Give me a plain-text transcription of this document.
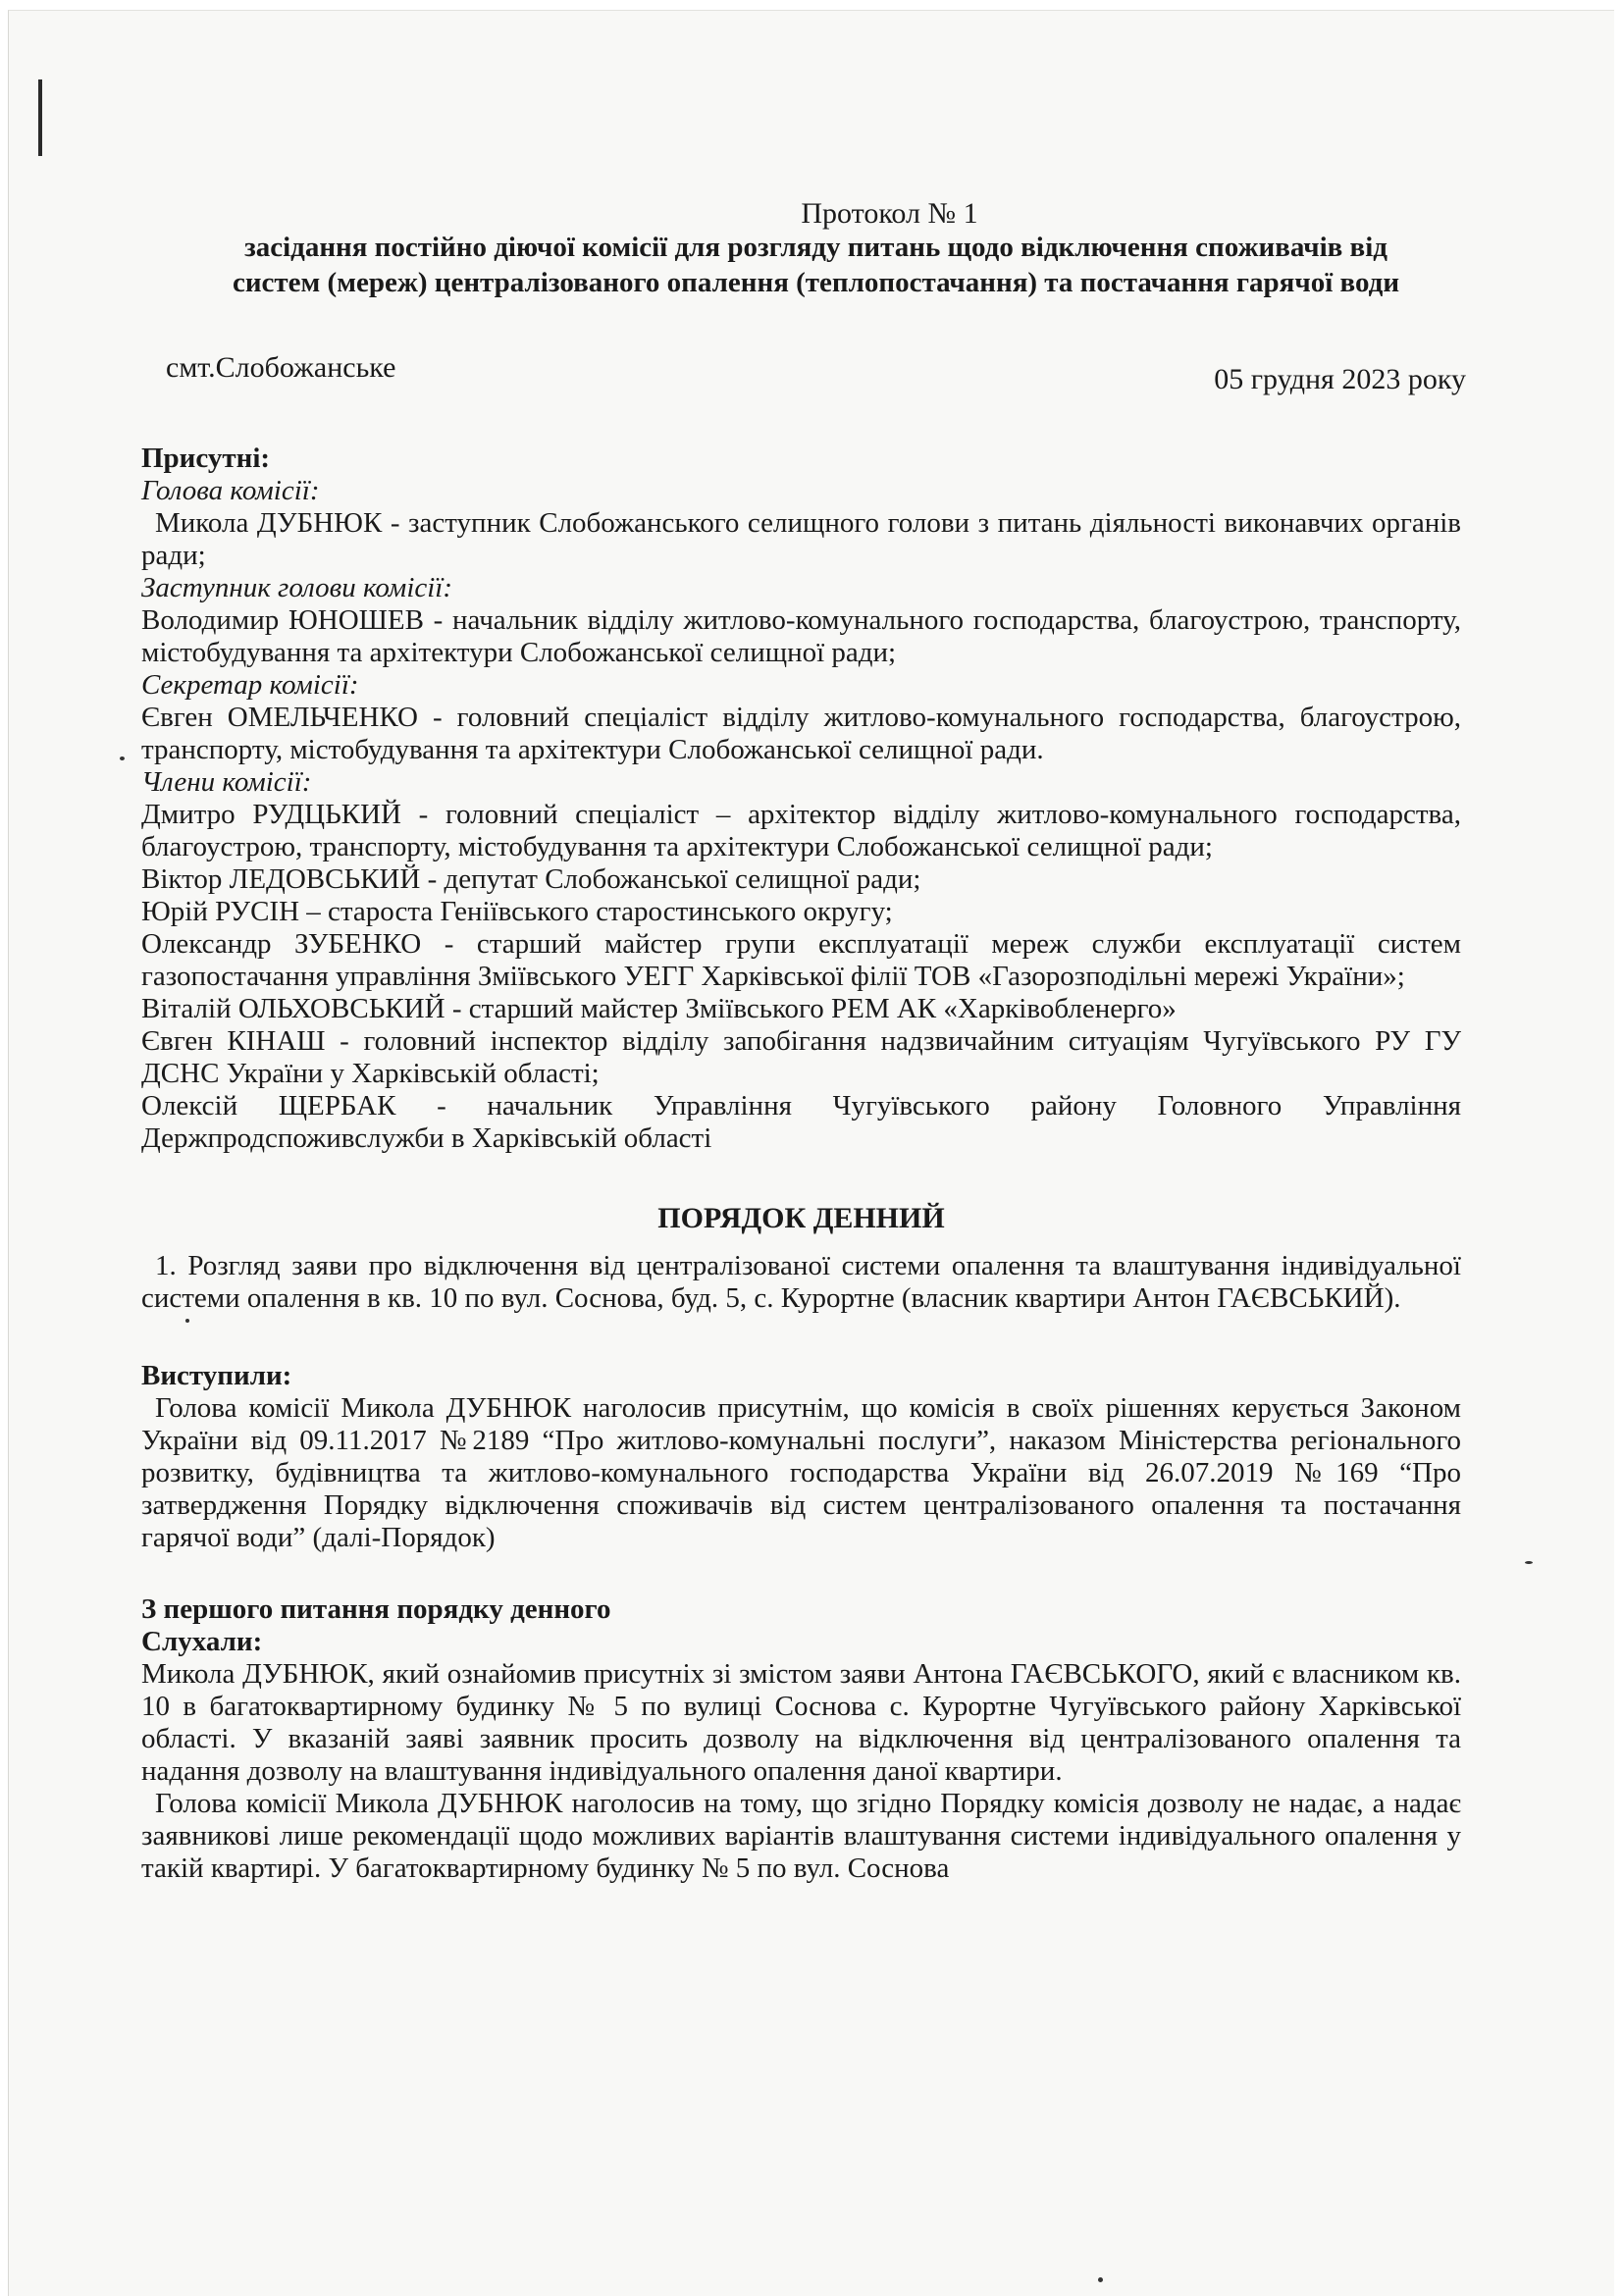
Протокол № 1
засідання постійно діючої комісії для розгляду питань щодо відключення споживачів від
систем (мереж) централізованого опалення (теплопостачання) та постачання гарячої води
смт.Слобожанське	05 грудня 2023 року

Присутні:

Голова комісії:

Микола ДУБНЮК - заступник Слобожанського селищного голови з питань діяльності виконавчих органів ради;

Заступник голови комісії:

Володимир ЮНОШЕВ - начальник відділу житлово-комунального господарства, благоустрою, транспорту, містобудування та архітектури Слобожанської селищної ради;

Секретар комісії:

Євген ОМЕЛЬЧЕНКО - головний спеціаліст відділу житлово-комунального господарства, благоустрою, транспорту, містобудування та архітектури Слобожанської селищної ради.

Члени комісії:

Дмитро РУДЦЬКИЙ - головний спеціаліст – архітектор відділу житлово-комунального господарства, благоустрою, транспорту, містобудування та архітектури Слобожанської селищної ради;

Віктор ЛЕДОВСЬКИЙ - депутат Слобожанської селищної ради;

Юрій РУСІН – староста Геніївського старостинського округу;

Олександр ЗУБЕНКО - старший майстер групи експлуатації мереж служби експлуатації систем газопостачання управління Зміївського УЕГГ Харківської філії ТОВ «Газорозподільні мережі України»;

Віталій ОЛЬХОВСЬКИЙ - старший майстер Зміївського РЕМ АК «Харківобленерго»

Євген КІНАШ - головний інспектор відділу запобігання надзвичайним ситуаціям Чугуївського РУ ГУ ДСНС України у Харківській області;

Олексій ЩЕРБАК - начальник Управління Чугуївського району Головного Управління Держпродспоживслужби в Харківській області

ПОРЯДОК ДЕННИЙ

1. Розгляд заяви про відключення від централізованої системи опалення та влаштування індивідуальної системи опалення в кв. 10 по вул. Соснова, буд. 5, с. Курортне (власник квартири Антон ГАЄВСЬКИЙ).

Виступили:

Голова комісії Микола ДУБНЮК наголосив присутнім, що комісія в своїх рішеннях керується Законом України від 09.11.2017 №2189 “Про житлово-комунальні послуги”, наказом Міністерства регіонального розвитку, будівництва та житлово-комунального господарства України від 26.07.2019 №169 “Про затвердження Порядку відключення споживачів від систем централізованого опалення та постачання гарячої води” (далі-Порядок)

З першого питання порядку денного

Слухали:

Микола ДУБНЮК, який ознайомив присутніх зі змістом заяви Антона ГАЄВСЬКОГО, який є власником кв. 10 в багатоквартирному будинку № 5 по вулиці Соснова с. Курортне Чугуївського району Харківської області. У вказаній заяві заявник просить дозволу на відключення від централізованого опалення та надання дозволу на влаштування індивідуального опалення даної квартири.

Голова комісії Микола ДУБНЮК наголосив на тому, що згідно Порядку комісія дозволу не надає, а надає заявникові лише рекомендації щодо можливих варіантів влаштування системи індивідуального опалення у такій квартирі. У багатоквартирному будинку № 5 по вул. Соснова
